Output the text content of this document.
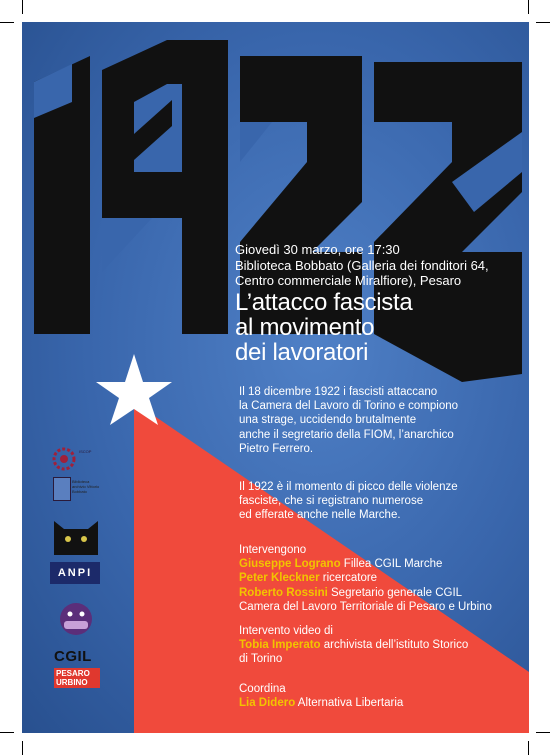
Giovedì 30 marzo, ore 17:30
Biblioteca Bobbato (Galleria dei fonditori 64,
Centro commerciale Miralfiore), Pesaro
L’attacco fascista
al movimento
dei lavoratori
Il 18 dicembre 1922 i fascisti attaccano
la Camera del Lavoro di Torino e compiono
una strage, uccidendo brutalmente
anche il segretario della FIOM, l’anarchico
Pietro Ferrero.
Il 1922 è il momento di picco delle violenze
fasciste, che si registrano numerose
ed efferate anche nelle Marche.
Intervengono
Giuseppe Lograno Fillea CGIL Marche
Peter Kleckner ricercatore
Roberto Rossini Segretario generale CGIL
Camera del Lavoro Territoriale di Pesaro e Urbino
Intervento video di
Tobia Imperato archivista dell’istituto Storico
di Torino
Coordina
Lia Didero Alternativa Libertaria
ISCOP
Biblioteca archivio Vittorio Bobbato
ANPI
CGIL
PESARO
URBINO
